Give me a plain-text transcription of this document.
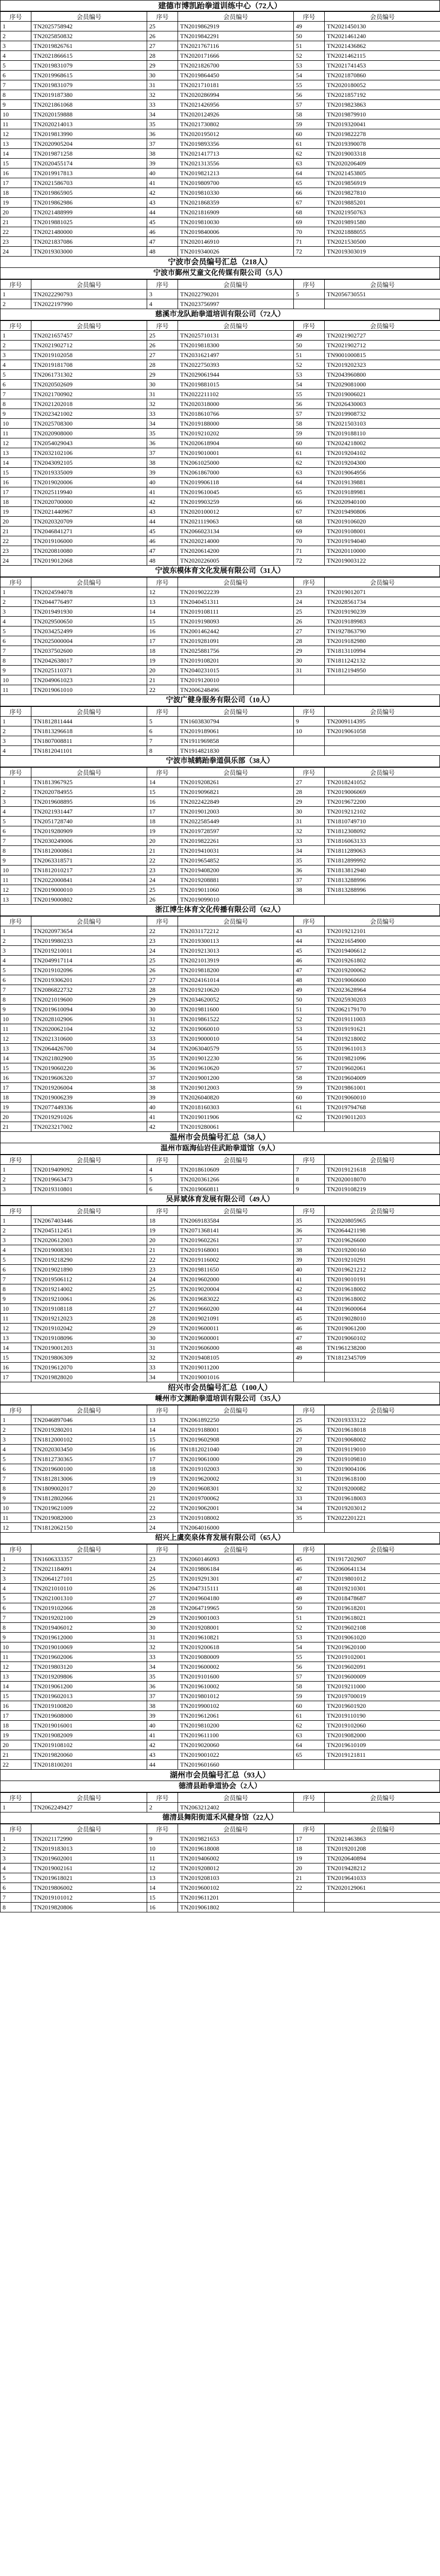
建德市博凯跆拳道训练中心（72人）
序号	会员编号	序号	会员编号	序号	会员编号
1	TN2025758942	25	TN2019862919	49	TN2021450130
2	TN2025850832	26	TN2019842291	50	TN2021461240
3	TN2019826761	27	TN2021767116	51	TN2021436862
4	TN2021866615	28	TN2020171666	52	TN2021462115
5	TN2019831079	29	TN2021826700	53	TN2021741453
6	TN2019968615	30	TN2019864450	54	TN2021870860
7	TN2019831079	31	TN2021710181	55	TN2020180052
8	TN2019187380	32	TN2020286994	56	TN2021857192
9	TN2021861068	33	TN2021426956	57	TN2019823863
10	TN2020159888	34	TN2020124926	58	TN2019879910
11	TN2020214013	35	TN2021730802	59	TN2019320041
12	TN2019813990	36	TN2020195012	60	TN2019822278
13	TN2020905204	37	TN2019893356	61	TN2019390078
14	TN2019871258	38	TN2021417713	62	TN2019003318
15	TN2020455174	39	TN2021313556	63	TN2020206409
16	TN2019917813	40	TN2019821213	64	TN2021453805
17	TN2021586703	41	TN2019809700	65	TN2019856919
18	TN2019865905	42	TN2019810330	66	TN2019827810
19	TN2019862986	43	TN2021868359	67	TN2019885201
20	TN2021488999	44	TN2021816909	68	TN2021950763
21	TN2019881025	45	TN2019810030	69	TN2019891580
22	TN2021480000	46	TN2019840006	70	TN2021888055
23	TN2021837086	47	TN2020146910	71	TN2021530500
24	TN2019303000	48	TN2019340026	72	TN2019303019
宁波市会员编号汇总（218人）
宁波市鄞州艾童文化传媒有限公司（5人）
序号	会员编号	序号	会员编号	序号	会员编号
1	TN2022290793	3	TN2022790201	5	TN2056730551
2	TN2022197990	4	TN2023756997		
慈溪市龙队跆拳道培训有限公司（72人）
序号	会员编号	序号	会员编号	序号	会员编号
1	TN2021657457	25	TN2025710131	49	TN2021902727
2	TN2021902712	26	TN2019818300	50	TN2021902712
3	TN2019102058	27	TN2031621497	51	TN9001000815
4	TN2019181708	28	TN2022750393	52	TN2019202323
5	TN2061731302	29	TN2029061944	53	TN2043960800
6	TN2020502609	30	TN2019881015	54	TN2029081000
7	TN2021700902	31	TN2022211102	55	TN2019006021
8	TN2021202018	32	TN2020318000	56	TN2026430003
9	TN2023421002	33	TN2018610766	57	TN2019908732
10	TN2025708300	34	TN2019188000	58	TN2021503103
11	TN2020908000	35	TN2019210202	59	TN2019188110
12	TN2054029043	36	TN2020618904	60	TN2024218002
13	TN2032102106	37	TN2019010001	61	TN2019204102
14	TN2043092105	38	TN2061025000	62	TN2019204300
15	TN2019335009	39	TN2061867000	63	TN2019064956
16	TN2019020006	40	TN2019906118	64	TN2019139881
17	TN2025119940	41	TN2019610045	65	TN2019189981
18	TN2020700000	42	TN2019903259	66	TN2020940100
19	TN2021440967	43	TN2020100012	67	TN2019490806
20	TN2020320709	44	TN2021119063	68	TN2019106020
21	TN2046841271	45	TN2066023134	69	TN2019108001
22	TN2019106000	46	TN2020214000	70	TN2019194040
23	TN2020810080	47	TN2020614200	71	TN2020110000
24	TN2019012068	48	TN2020226005	72	TN2019003122
宁波东模体育文化发展有限公司（31人）
序号	会员编号	序号	会员编号	序号	会员编号
1	TN2024594078	12	TN2019022239	23	TN2019012071
2	TN2044776497	13	TN2040451311	24	TN2028561734
3	TN2019491930	14	TN2019108111	25	TN2019190239
4	TN2029500650	15	TN2019198093	26	TN2019189983
5	TN2034252499	16	TN2001462442	27	TN1927863790
6	TN2025000004	17	TN2019281091	28	TN2019182980
7	TN2037502600	18	TN2025881756	29	TN1813110994
8	TN2042638017	19	TN2019108201	30	TN1811242132
9	TN2025110371	20	TN2040231015	31	TN1812194950
10	TN2049061023	21	TN2019120010		
11	TN2019061010	22	TN2006248496		
宁波广健身服务有限公司（10人）
序号	会员编号	序号	会员编号	序号	会员编号
1	TN1812811444	5	TN1603830794	9	TN2009114395
2	TN1813296618	6	TN2019189061	10	TN2019061058
3	TN1807008811	7	TN1911969858		
4	TN1812041101	8	TN1914821830		
宁波市城鹤跆拳道俱乐部（38人）
序号	会员编号	序号	会员编号	序号	会员编号
1	TN1813967925	14	TN2019208261	27	TN2018241052
2	TN2020784955	15	TN2019096821	28	TN2019006069
3	TN2019608895	16	TN2022422849	29	TN2019672200
4	TN2021931447	17	TN2019012003	30	TN2019212102
5	TN2051728740	18	TN2022585449	31	TN1810749710
6	TN2019280909	19	TN2019728597	32	TN1812308092
7	TN2030249006	20	TN2019822261	33	TN1816063133
8	TN1812000861	21	TN2019410031	34	TN1811289063
9	TN2063318571	22	TN2019654852	35	TN1812899992
10	TN1812010217	23	TN2019408200	36	TN1813812940
11	TN2022000841	24	TN2019208881	37	TN1813288996
12	TN2019000010	25	TN2019011060	38	TN1813288996
13	TN2019000802	26	TN2019099010		
浙江博生体育文化传播有限公司（62人）
序号	会员编号	序号	会员编号	序号	会员编号
1	TN2020973654	22	TN2031172212	43	TN2019212101
2	TN2019980233	23	TN2019300113	44	TN2021654900
3	TN2019210011	24	TN2019213013	45	TN2019406612
4	TN2049917114	25	TN2021013919	46	TN2019261802
5	TN2019102096	26	TN2019818200	47	TN2019200062
6	TN2019306201	27	TN2024161014	48	TN2019060600
7	TN2086822732	28	TN2019210620	49	TN2023628964
8	TN2021019600	29	TN2034620052	50	TN2025930203
9	TN2019610094	30	TN2019811600	51	TN2062179170
10	TN2028102906	31	TN2019861522	52	TN2019111003
11	TN2020062104	32	TN2019060010	53	TN2019191621
12	TN2021310600	33	TN2019000010	54	TN2019218002
13	TN2064426700	34	TN2063040579	55	TN2019611013
14	TN2021802900	35	TN2019012230	56	TN2019821096
15	TN2019060220	36	TN2019610620	57	TN2019602061
16	TN2019606320	37	TN2019001200	58	TN2019604009
17	TN2019206004	38	TN2019012003	59	TN2019861001
18	TN2019006239	39	TN2026040820	60	TN2019060010
19	TN2077449336	40	TN2018160303	61	TN2019794768
20	TN2019291026	41	TN2019011906	62	TN2019011203
21	TN2023217002	42	TN2019280061		
温州市会员编号汇总（58人）
温州市瓯海仙岩佳武跆拳道馆（9人）
序号	会员编号	序号	会员编号	序号	会员编号
1	TN2019409092	4	TN2018610609	7	TN2019121618
2	TN2019663473	5	TN2020361266	8	TN2020018070
3	TN2019310801	6	TN2019060811	9	TN2019108219
吴昇斌体育发展有限公司（49人）
序号	会员编号	序号	会员编号	序号	会员编号
1	TN2067403446	18	TN2069183584	35	TN2020805965
2	TN2045112451	19	TN2071368141	36	TN2064421198
3	TN2020612003	20	TN2019602261	37	TN2019626600
4	TN2019008301	21	TN2019168001	38	TN2019200160
5	TN2019218290	22	TN2019116002	39	TN2019210291
6	TN2019021890	23	TN2019811650	40	TN2019621212
7	TN2019506112	24	TN2019602000	41	TN2019010191
8	TN2019214002	25	TN2019020004	42	TN2019618002
9	TN2019210061	26	TN2019683022	43	TN2019618002
10	TN2019108118	27	TN2019660200	44	TN2019600064
11	TN2019212023	28	TN2019021091	45	TN2019028010
12	TN2019102042	29	TN2019600011	46	TN2019061200
13	TN2019108096	30	TN2019600001	47	TN2019060102
14	TN2019001203	31	TN2019606000	48	TN1961238200
15	TN2019806309	32	TN2019408105	49	TN1812345709
16	TN2019612070	33	TN2019011200		
17	TN2019828020	34	TN2019001016		
绍兴市会员编号汇总（100人）
嵊州市文渊跆拳道培训有限公司（35人）
序号	会员编号	序号	会员编号	序号	会员编号
1	TN2046897046	13	TN2061892250	25	TN2019333122
2	TN2019280201	14	TN2019188001	26	TN2019618018
3	TN1812000102	15	TN2019602908	27	TN2019068002
4	TN2020303450	16	TN1812021040	28	TN2019119010
5	TN1812730365	17	TN2019061000	29	TN2019109810
6	TN2019600100	18	TN2019102003	30	TN2019004106
7	TN1812813006	19	TN2019620002	31	TN2019618100
8	TN1809002017	20	TN2019608301	32	TN2019200082
9	TN1812802066	21	TN2019700062	33	TN2019618003
10	TN2019621009	22	TN2019062001	34	TN2019203012
11	TN2019082000	23	TN2019108002	35	TN2022201221
12	TN1812062150	24	TN2064016000		
绍兴上虞奕泉体育发展有限公司（65人）
序号	会员编号	序号	会员编号	序号	会员编号
1	TN1606333357	23	TN2060146093	45	TN1917202907
2	TN2021184091	24	TN2019806184	46	TN2060641134
3	TN2064127101	25	TN2019291301	47	TN2019801012
4	TN2021010110	26	TN2047315111	48	TN2019210301
5	TN2021001310	27	TN2019604180	49	TN2018478687
6	TN2019102066	28	TN2064719965	50	TN2019618201
7	TN2019202100	29	TN2019001003	51	TN2019618021
8	TN2019406012	30	TN2019208001	52	TN2019602108
9	TN2019612000	31	TN2019610821	53	TN2019061020
10	TN2019010069	32	TN2019200618	54	TN2019620100
11	TN2019602006	33	TN2019080009	55	TN2019102001
12	TN2019803120	34	TN2019600002	56	TN2019602091
13	TN2019209806	35	TN2019101600	57	TN2019600009
14	TN2019061200	36	TN2019610002	58	TN2019211000
15	TN2019602013	37	TN2019801012	59	TN2019700019
16	TN2019100820	38	TN2019900102	60	TN2019601920
17	TN2019608000	39	TN2019612061	61	TN2019110190
18	TN2019016001	40	TN2019810200	62	TN2019102060
19	TN2019082009	41	TN2019611100	63	TN2019082000
20	TN2019108102	42	TN2019020060	64	TN2019610109
21	TN2019820060	43	TN2019001022	65	TN2019121811
22	TN2018100201	44	TN2019601660		
湖州市会员编号汇总（93人）
德清县跆拳道协会（2人）
序号	会员编号	序号	会员编号	序号	会员编号
1	TN2062249427	2	TN2063212402		
德清县舞阳街道禾风健身馆（22人）
序号	会员编号	序号	会员编号	序号	会员编号
1	TN2021172990	9	TN2019821653	17	TN2021463863
2	TN2019183013	10	TN2019618008	18	TN2019201208
3	TN2019602001	11	TN2019406002	19	TN2020640894
4	TN2019002161	12	TN2019208012	20	TN2019428212
5	TN2019618021	13	TN2019208103	21	TN2019641033
6	TN2019806002	14	TN2019600102	22	TN2020129061
7	TN2019101012	15	TN2019611201		
8	TN2019820806	16	TN2019061802		
